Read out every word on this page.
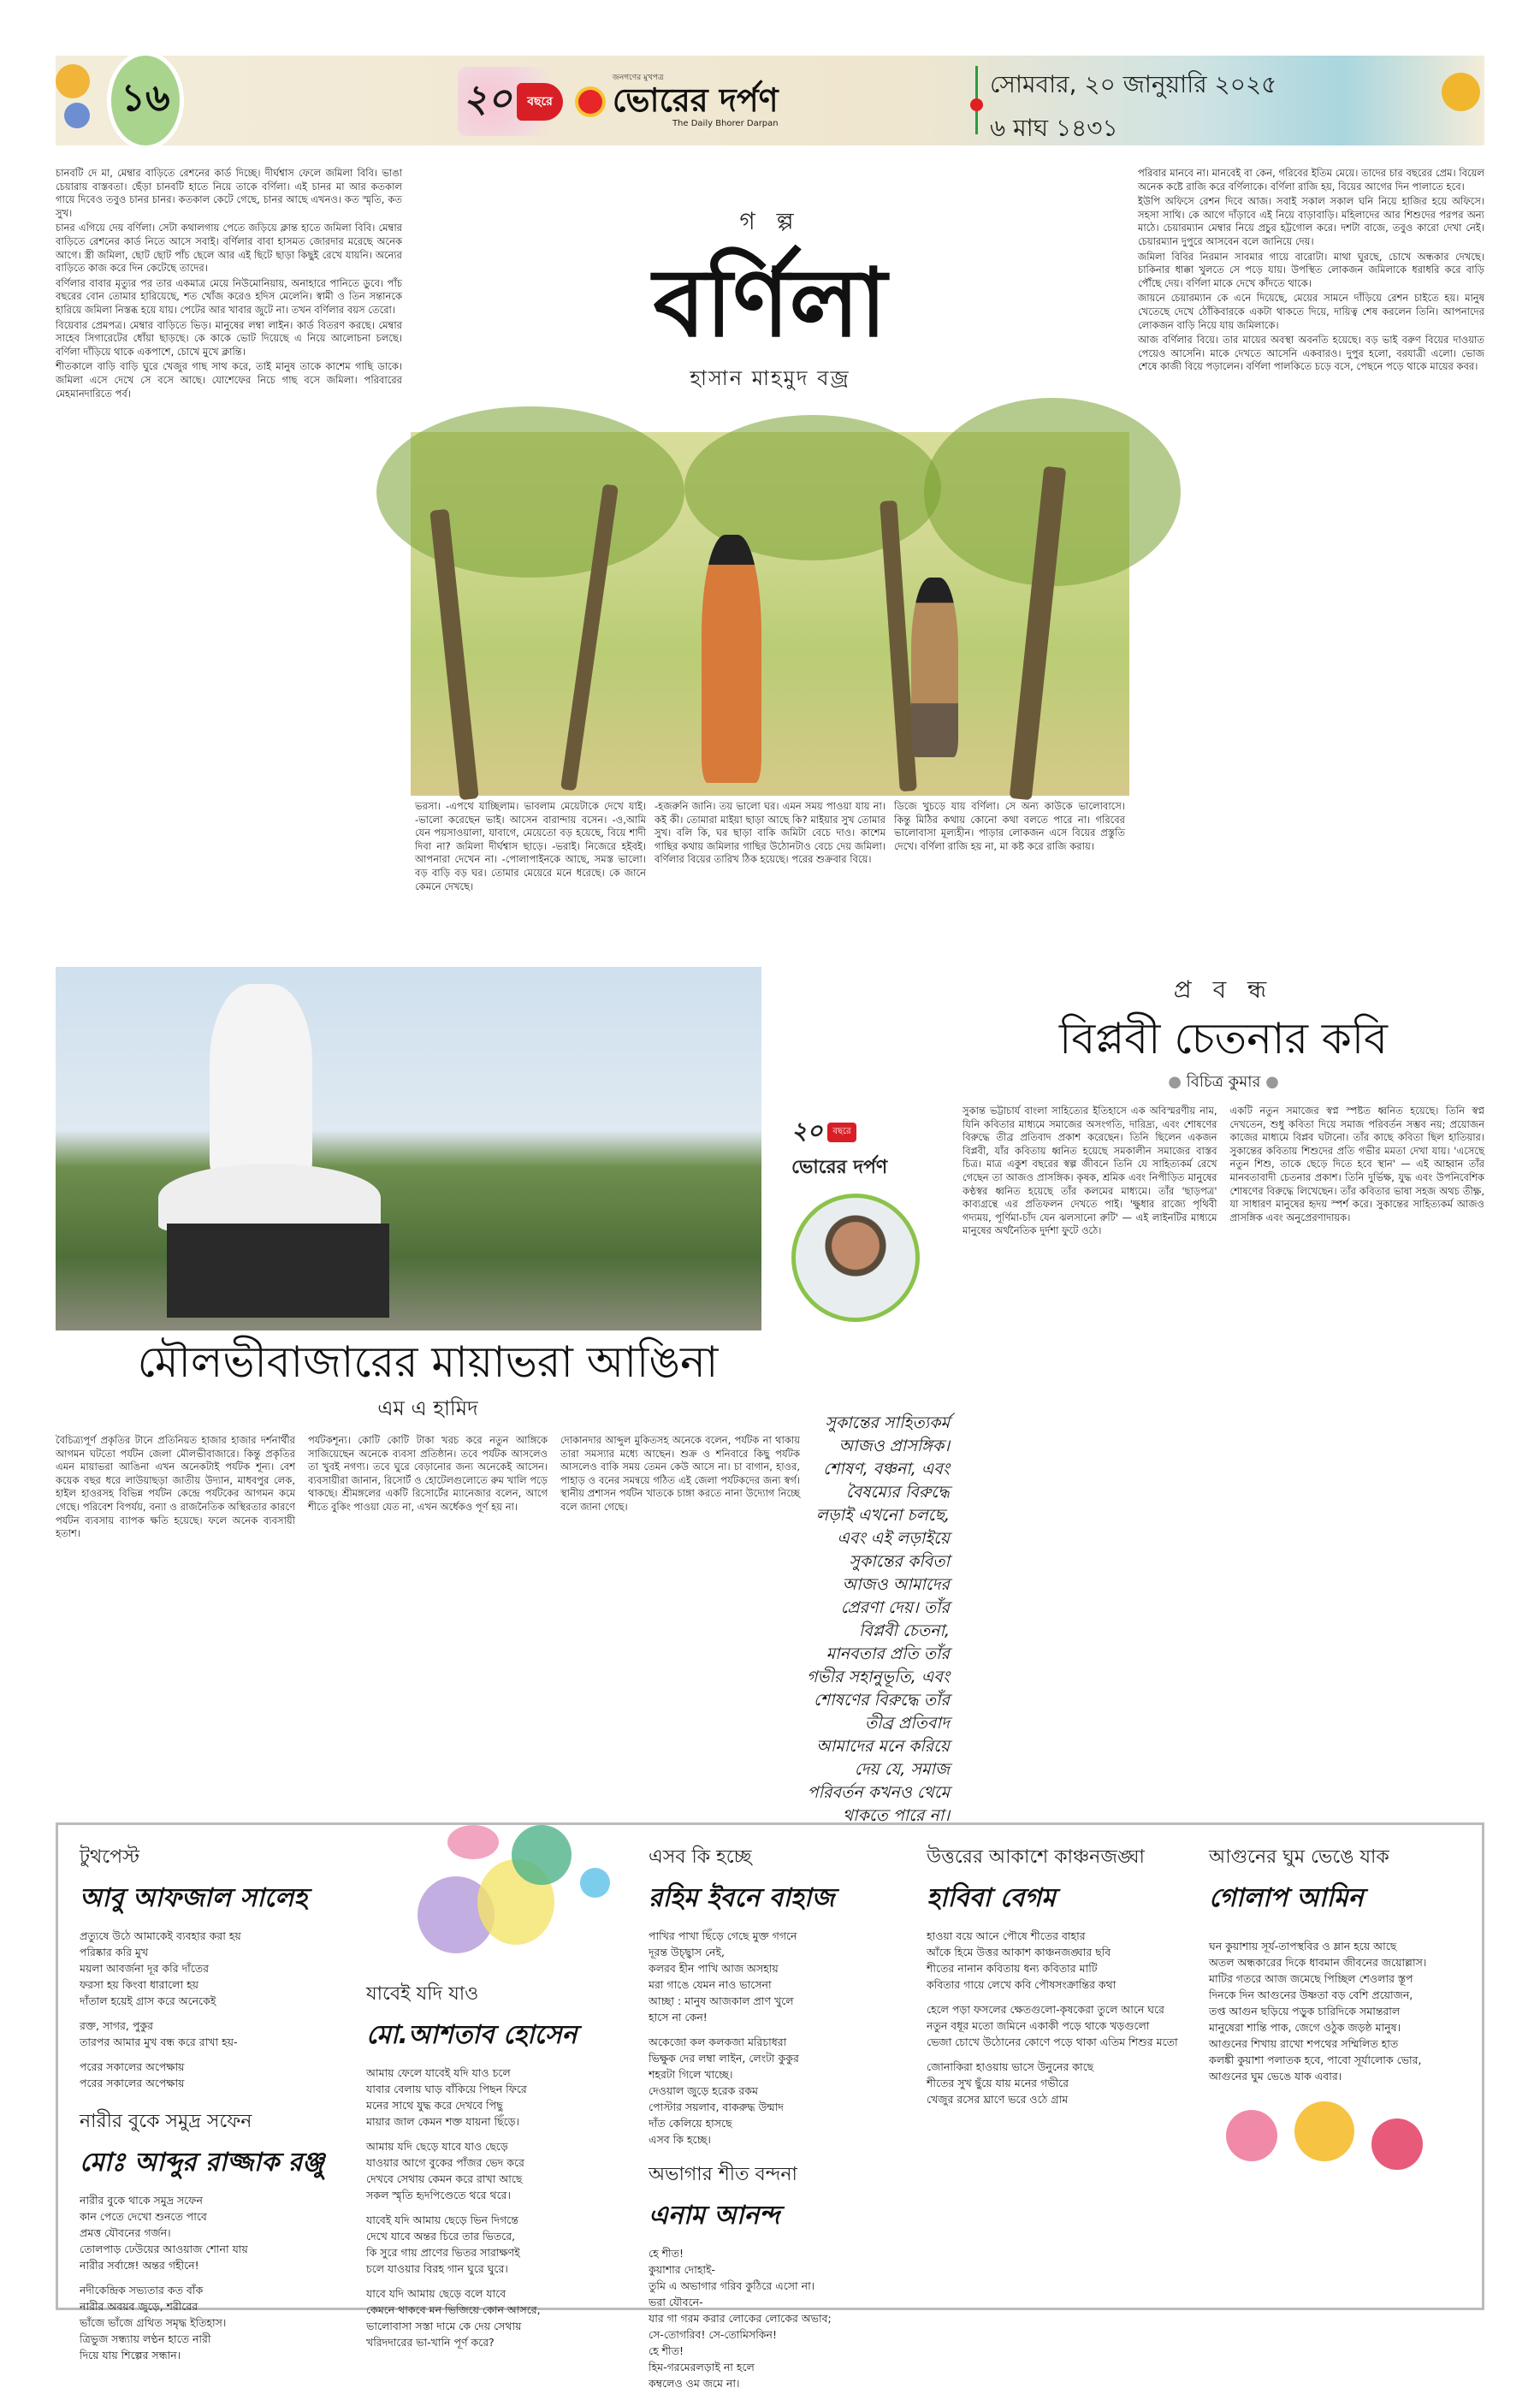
১৬	২০	বছরে
জনগণের মুখপত্র
ভোরের দর্পণ
The Daily Bhorer Darpan
সোমবার, ২০ জানুয়ারি ২০২৫
৬ মাঘ ১৪৩১

চানবটি দে মা, মেম্বার বাড়িতে রেশনের কার্ড দিচ্ছে। দীর্ঘশ্বাস ফেলে জমিলা বিবি। ভাঙা চেয়ারায় বাস্তবতা। ছেঁড়া চানবটি হাতে নিয়ে তাকে বর্ণিলা। এই চানর মা আর কতকাল গায়ে দিবেও তবুও চানর চানর। কতকাল কেটে গেছে, চানর আছে এখনও। কত স্মৃতি, কত সুখ।

চানর এগিয়ে দেয় বর্ণিলা। সেটা কথালগায় পেতে জড়িয়ে ক্লান্ত হাতে জমিলা বিবি। মেম্বার বাড়িতে রেশনের কার্ড নিতে আসে সবাই। বর্ণিলার বাবা হাসমত জোরদার মরেছে অনেক আগে। স্ত্রী জমিলা, ছোট ছোট পাঁচ ছেলে আর এই ছিটে ছাড়া কিছুই রেখে যায়নি। অন্যের বাড়িতে কাজ করে দিন কেটেছে তাদের।

বর্ণিলার বাবার মৃত্যুর পর তার একমাত্র মেয়ে নিউমোনিয়ায়, অনাহারে পানিতে ডুবে। পাঁচ বছরের বোন তোমার হারিয়েছে, শত খোঁজ করেও হদিস মেলেনি। স্বামী ও তিন সন্তানকে হারিয়ে জমিলা নিস্তব্ধ হয়ে যায়। পেটের আর খাবার জুটে না। তখন বর্ণিলার বয়স তেরো।

বিয়েবার প্রেমপত্র। মেম্বার বাড়িতে ভিড়। মানুষের লম্বা লাইন। কার্ড বিতরণ করছে। মেম্বার সাহেব সিগারেটের ধোঁয়া ছাড়ছে। কে কাকে ভোট দিয়েছে এ নিয়ে আলোচনা চলছে। বর্ণিলা দাঁড়িয়ে থাকে একপাশে, চোখে মুখে ক্লান্তি।

শীতকালে বাড়ি বাড়ি ঘুরে খেজুর গাছ সাথ করে, তাই মানুষ তাকে কাশেম গাছি ডাকে। জমিলা এসে দেখে সে বসে আছে। যোশেফের নিচে গাছ বসে জমিলা। পরিবারের মেহমানদারিতে পর্ব।

গ ল্প
বর্ণিলা
হাসান মাহমুদ বজ্র
ভরসা। -এপথে যাচ্ছিলাম। ভাবলাম মেয়েটাকে দেখে যাই। -ভালো করেছেন ভাই। আসেন বারান্দায় বসেন। -ও,আমি যেন পয়সাওয়ালা, যাবাগে, মেয়েতো বড় হয়েছে, বিয়ে শাদী দিবা না? জমিলা দীর্ঘশ্বাস ছাড়ে। -ভরাই। নিজেরে হইবই। আপনারা দেখেন না। -পোলাপাইনকে আছে, সমস্ত ভালো। বড় বাড়ি বড় ঘর। তোমার মেয়েরে মনে ধরেছে। কে জানে কেমনে দেখছে।
-হজরুনি জানি। তয় ভালো ঘর। এমন সময় পাওয়া যায় না। কই কী। তোমারা মাইয়া ছাড়া আছে কি? মাইয়ার সুখ তোমার সুখ। বলি কি, ঘর ছাড়া বাকি জমিটা বেচে দাও। কাশেম গাছির কথায় জমিলার গাছির উঠোনটাও বেচে দেয় জমিলা। বর্ণিলার বিয়ের তারিখ ঠিক হয়েছে। পরের শুক্রবার বিয়ে।
ডিজে খুচড়ে যায় বর্ণিলা। সে অন্য কাউকে ভালোবাসে। কিন্তু মিঠির কথায় কোনো কথা বলতে পারে না। গরিবের ভালোবাসা মূল্যহীন। পাড়ার লোকজন এসে বিয়ের প্রস্তুতি দেখে। বর্ণিলা রাজি হয় না, মা কষ্ট করে রাজি করায়।

পরিবার মানবে না। মানবেই বা কেন, গরিবের ইতিম মেয়ে। তাদের চার বছরের প্রেম। বিয়েল অনেক কষ্টে রাজি করে বর্ণিলাকে। বর্ণিলা রাজি হয়, বিয়ের আগের দিন পালাতে হবে।

ইউপি অফিসে রেশন দিবে আজ। সবাই সকাল সকাল ঘনি নিয়ে হাজির হয়ে অফিসে। সহসা সাথি। কে আগে দাঁড়াবে এই নিয়ে বাড়াবাড়ি। মহিলাদের আর শিশুদের পরপর অন্য মাঠে। চেয়ারম্যান মেম্বার নিয়ে প্রচুর হট্টগোল করে। দশটা বাজে, তবুও কারো দেখা নেই। চেয়ারম্যান দুপুরে আসবেন বলে জানিয়ে দেয়।

জমিলা বিবির নিরমান সাবমার গায়ে বারোটা। মাথা ঘুরছে, চোখে অন্ধকার দেখছে। চাকিনার ধাক্কা খুলতে সে পড়ে যায়। উপস্থিত লোকজন জমিলাকে ধরাধরি করে বাড়ি পৌঁছে দেয়। বর্ণিলা মাকে দেখে কাঁদতে থাকে।

জায়নে চেয়ারম্যান কে এনে দিয়েছে, মেয়ের সামনে দাঁড়িয়ে রেশন চাইতে হয়। মানুষ খেতেছে দেখে ঠোঁকিবারকে একটা থাকতে দিয়ে, দায়িত্ব শেষ করলেন তিনি। আপনাদের লোকজন বাড়ি নিয়ে যায় জমিলাকে।

আজ বর্ণিলার বিয়ে। তার মায়ের অবস্থা অবনতি হয়েছে। বড় ভাই বরুণ বিয়ের দাওয়াত পেয়েও আসেনি। মাকে দেখতে আসেনি একবারও। দুপুর হলো, বরযাত্রী এলো। ভোজ শেষে কাজী বিয়ে পড়ালেন। বর্ণিলা পালকিতে চড়ে বসে, পেছনে পড়ে থাকে মায়ের কবর।

মৌলভীবাজারের মায়াভরা আঙিনা
এম এ হামিদ
বৈচিত্র্যপূর্ণ প্রকৃতির টানে প্রতিনিয়ত হাজার হাজার দর্শনার্থীর আগমন ঘটতো পর্যটন জেলা মৌলভীবাজারে। কিন্তু প্রকৃতির এমন মায়াভরা আঙিনা এখন অনেকটাই পর্যটক শূন্য। বেশ কয়েক বছর ধরে লাউয়াছড়া জাতীয় উদ্যান, মাধবপুর লেক, হাইল হাওরসহ বিভিন্ন পর্যটন কেন্দ্রে পর্যটকের আগমন কমে গেছে। পরিবেশ বিপর্যয়, বন্যা ও রাজনৈতিক অস্থিরতার কারণে পর্যটন ব্যবসায় ব্যাপক ক্ষতি হয়েছে। ফলে অনেক ব্যবসায়ী হতাশ।
পর্যটকশূন্য। কোটি কোটি টাকা খরচ করে নতুন আঙ্গিকে সাজিয়েছেন অনেকে ব্যবসা প্রতিষ্ঠান। তবে পর্যটক আসলেও তা খুবই নগণ্য। তবে ঘুরে বেড়ানোর জন্য অনেকেই আসেন। ব্যবসায়ীরা জানান, রিসোর্ট ও হোটেলগুলোতে রুম খালি পড়ে থাকছে। শ্রীমঙ্গলের একটি রিসোর্টের ম্যানেজার বলেন, আগে শীতে বুকিং পাওয়া যেত না, এখন অর্ধেকও পূর্ণ হয় না।
দোকানদার আব্দুল মুকিতসহ অনেকে বলেন, পর্যটক না থাকায় তারা সমস্যার মধ্যে আছেন। শুক্র ও শনিবারে কিছু পর্যটক আসলেও বাকি সময় তেমন কেউ আসে না। চা বাগান, হাওর, পাহাড় ও বনের সমন্বয়ে গঠিত এই জেলা পর্যটকদের জন্য স্বর্গ। স্থানীয় প্রশাসন পর্যটন খাতকে চাঙ্গা করতে নানা উদ্যোগ নিচ্ছে বলে জানা গেছে।
প্র ব ন্ধ
বিপ্লবী চেতনার কবি
● বিচিত্র কুমার ●
সুকান্ত ভট্টাচার্য বাংলা সাহিত্যের ইতিহাসে এক অবিস্মরণীয় নাম, যিনি কবিতার মাধ্যমে সমাজের অসংগতি, দারিদ্র্য, এবং শোষণের বিরুদ্ধে তীব্র প্রতিবাদ প্রকাশ করেছেন। তিনি ছিলেন একজন বিপ্লবী, যাঁর কবিতায় ধ্বনিত হয়েছে সমকালীন সমাজের বাস্তব চিত্র। মাত্র একুশ বছরের স্বল্প জীবনে তিনি যে সাহিত্যকর্ম রেখে গেছেন তা আজও প্রাসঙ্গিক। কৃষক, শ্রমিক এবং নিপীড়িত মানুষের কণ্ঠস্বর ধ্বনিত হয়েছে তাঁর কলমের মাধ্যমে। তাঁর 'ছাড়পত্র' কাব্যগ্রন্থে এর প্রতিফলন দেখতে পাই। 'ক্ষুধার রাজ্যে পৃথিবী গদ্যময়, পূর্ণিমা-চাঁদ যেন ঝলসানো রুটি' — এই লাইনটির মাধ্যমে মানুষের অর্থনৈতিক দুর্দশা ফুটে ওঠে।
একটি নতুন সমাজের স্বপ্ন স্পষ্টত ধ্বনিত হয়েছে। তিনি স্বপ্ন দেখতেন, শুধু কবিতা দিয়ে সমাজ পরিবর্তন সম্ভব নয়; প্রয়োজন কাজের মাধ্যমে বিপ্লব ঘটানো। তাঁর কাছে কবিতা ছিল হাতিয়ার। সুকান্তের কবিতায় শিশুদের প্রতি গভীর মমতা দেখা যায়। 'এসেছে নতুন শিশু, তাকে ছেড়ে দিতে হবে স্থান' — এই আহ্বান তাঁর মানবতাবাদী চেতনার প্রকাশ। তিনি দুর্ভিক্ষ, যুদ্ধ এবং উপনিবেশিক শোষণের বিরুদ্ধে লিখেছেন। তাঁর কবিতার ভাষা সহজ অথচ তীক্ষ্ণ, যা সাধারণ মানুষের হৃদয় স্পর্শ করে। সুকান্তের সাহিত্যকর্ম আজও প্রাসঙ্গিক এবং অনুপ্রেরণাদায়ক।
২০	বছরে
ভোরের দর্পণ
সুকান্তের সাহিত্যকর্ম আজও প্রাসঙ্গিক। শোষণ, বঞ্চনা, এবং বৈষম্যের বিরুদ্ধে লড়াই এখনো চলছে, এবং এই লড়াইয়ে সুকান্তের কবিতা আজও আমাদের প্রেরণা দেয়। তাঁর বিপ্লবী চেতনা, মানবতার প্রতি তাঁর গভীর সহানুভূতি, এবং শোষণের বিরুদ্ধে তাঁর তীব্র প্রতিবাদ আমাদের মনে করিয়ে দেয় যে, সমাজ পরিবর্তন কখনও থেমে থাকতে পারে না।
টুথপেস্ট
আবু আফজাল সালেহ
প্রত্যুষে উঠে আমাকেই ব্যবহার করা হয়
পরিষ্কার করি মুখ
ময়লা আবর্জনা দূর করি দাঁতের
ফরসা হয় কিংবা ধারালো হয়
দাঁতাল হয়েই গ্রাস করে অনেকেই
রক্ত, সাগর, পুকুর
তারপর আমার মুখ বন্ধ করে রাখা হয়-
পরের সকালের অপেক্ষায়
পরের সকালের অপেক্ষায়
নারীর বুকে সমুদ্র সফেন
মোঃ আব্দুর রাজ্জাক রঞ্জু
নারীর বুকে থাকে সমুদ্র সফেন
কান পেতে দেখো শুনতে পাবে
প্রমত্ত যৌবনের গর্জন।
তোলপাড় ঢেউয়ের আওয়াজ শোনা যায়
নারীর সর্বাঙ্গে! অন্তর গহীনে!
নদীকেন্দ্রিক সভ্যতার কত বাঁক
নারীর অবয়ব জুড়ে, শরীরের
ভাঁজে ভাঁজে গ্রথিত সমৃদ্ধ ইতিহাস।
ত্রিভুজ সন্ধ্যায় লণ্ঠন হাতে নারী
দিয়ে যায় শিল্পের সন্ধান।
যাবেই যদি যাও
মো.আশতাব হোসেন
আমায় ফেলে যাবেই যদি যাও চলে
যাবার বেলায় ঘাড় বাঁকিয়ে পিছন ফিরে
মনের সাথে যুদ্ধ করে দেখবে পিছু
মায়ার জাল কেমন শক্ত যায়না ছিঁড়ে।
আমায় যদি ছেড়ে যাবে যাও ছেড়ে
যাওয়ার আগে বুকের পাঁজর ভেদ করে
দেখবে সেথায় কেমন করে রাখা আছে
সকল স্মৃতি হৃদপিণ্ডেতে থরে থরে।
যাবেই যদি আমায় ছেড়ে ভিন দিগন্তে
দেখে যাবে অন্তর চিরে তার ভিতরে,
কি সুরে গায় প্রাণের ভিতর সারাক্ষণই
চলে যাওয়ার বিরহ গান ঘুরে ঘুরে।
যাবে যদি আমায় ছেড়ে বলে যাবে
কেমনে থাকবে মন ভিজিয়ে কোন আসরে,
ভালোবাসা সস্তা দামে কে দেয় সেথায়
খরিদদারের ভা-খানি পূর্ণ করে?
এসব কি হচ্ছে
রহিম ইবনে বাহাজ
পাখির পাখা ছিঁড়ে গেছে মুক্ত গগনে
দূরন্ত উচ্ছ্বাস নেই,
কলরব হীন পাখি আজ অসহায়
মরা গাঙে যেমন নাও ভাসেনা
আচ্ছা : মানুষ আজকাল প্রাণ খুলে
হাসে না কেন!
অকেজো কল কলকজা মরিচাধরা
ভিক্ষুক দের লম্বা লাইন, লেংটা কুকুর
শহরটা গিলে খাচ্ছে।
দেওয়াল জুড়ে হরেক রকম
পোস্টার সয়লাব, বাকরুদ্ধ উন্মাদ
দাঁত কেলিয়ে হাসছে
এসব কি হচ্ছে।
অভাগার শীত বন্দনা
এনাম আনন্দ
হে শীত!
কুয়াশার দোহাই-
তুমি এ অভাগার গরিব কুঠিরে এসো না।
ভরা যৌবনে-
যার গা গরম করার লোকের লোকের অভাব;
সে-তোগরিব! সে-তোমিসকিন!
হে শীত!
হিম-গরমেরলড়াই না হলে
কম্বলেও ওম জমে না।
উত্তরের আকাশে কাঞ্চনজঙ্ঘা
হাবিবা বেগম
হাওয়া বয়ে আনে পৌষে শীতের বাহার
আঁকে হিমে উত্তর আকাশ কাঞ্চনজঙ্ঘার ছবি
শীতের নানান কবিতায় ধন্য কবিতার মাটি
কবিতার গায়ে লেখে কবি পৌষসংক্রান্তির কথা
হেলে পড়া ফসলের ক্ষেতগুলো-কৃষকেরা তুলে আনে ঘরে
নতুন বধূর মতো জমিনে একাকী পড়ে থাকে খড়গুলো
ভেজা চোখে উঠোনের কোণে পড়ে থাকা এতিম শিশুর মতো
জোনাকিরা হাওয়ায় ভাসে উনুনের কাছে
শীতের সুখ ছুঁয়ে যায় মনের গভীরে
খেজুর রসের ঘ্রাণে ভরে ওঠে গ্রাম
আগুনের ঘুম ভেঙে যাক
গোলাপ আমিন
ঘন কুয়াশায় সূর্য-তাপস্থবির ও ম্লান হয়ে আছে
অতল অন্ধকারের দিকে ধাবমান জীবনের জয়োল্লাস।
মাটির গতরে আজ জমেছে পিচ্ছিল শেওলার স্তূপ
দিনকে দিন আগুনের উষ্ণতা বড় বেশি প্রয়োজন,
তপ্ত আগুন ছড়িয়ে পড়ুক চারিদিকে সমান্তরাল
মানুষেরা শান্তি পাক, জেগে ওঠুক জড়ষ্ঠ মানুষ।
আগুনের শিখায় রাখো শপথের সম্মিলিত হাত
কলঙ্কী কুয়াশা পলাতক হবে, পাবো সূর্যালোক ভোর,
আগুনের ঘুম ভেঙে যাক এবার।
